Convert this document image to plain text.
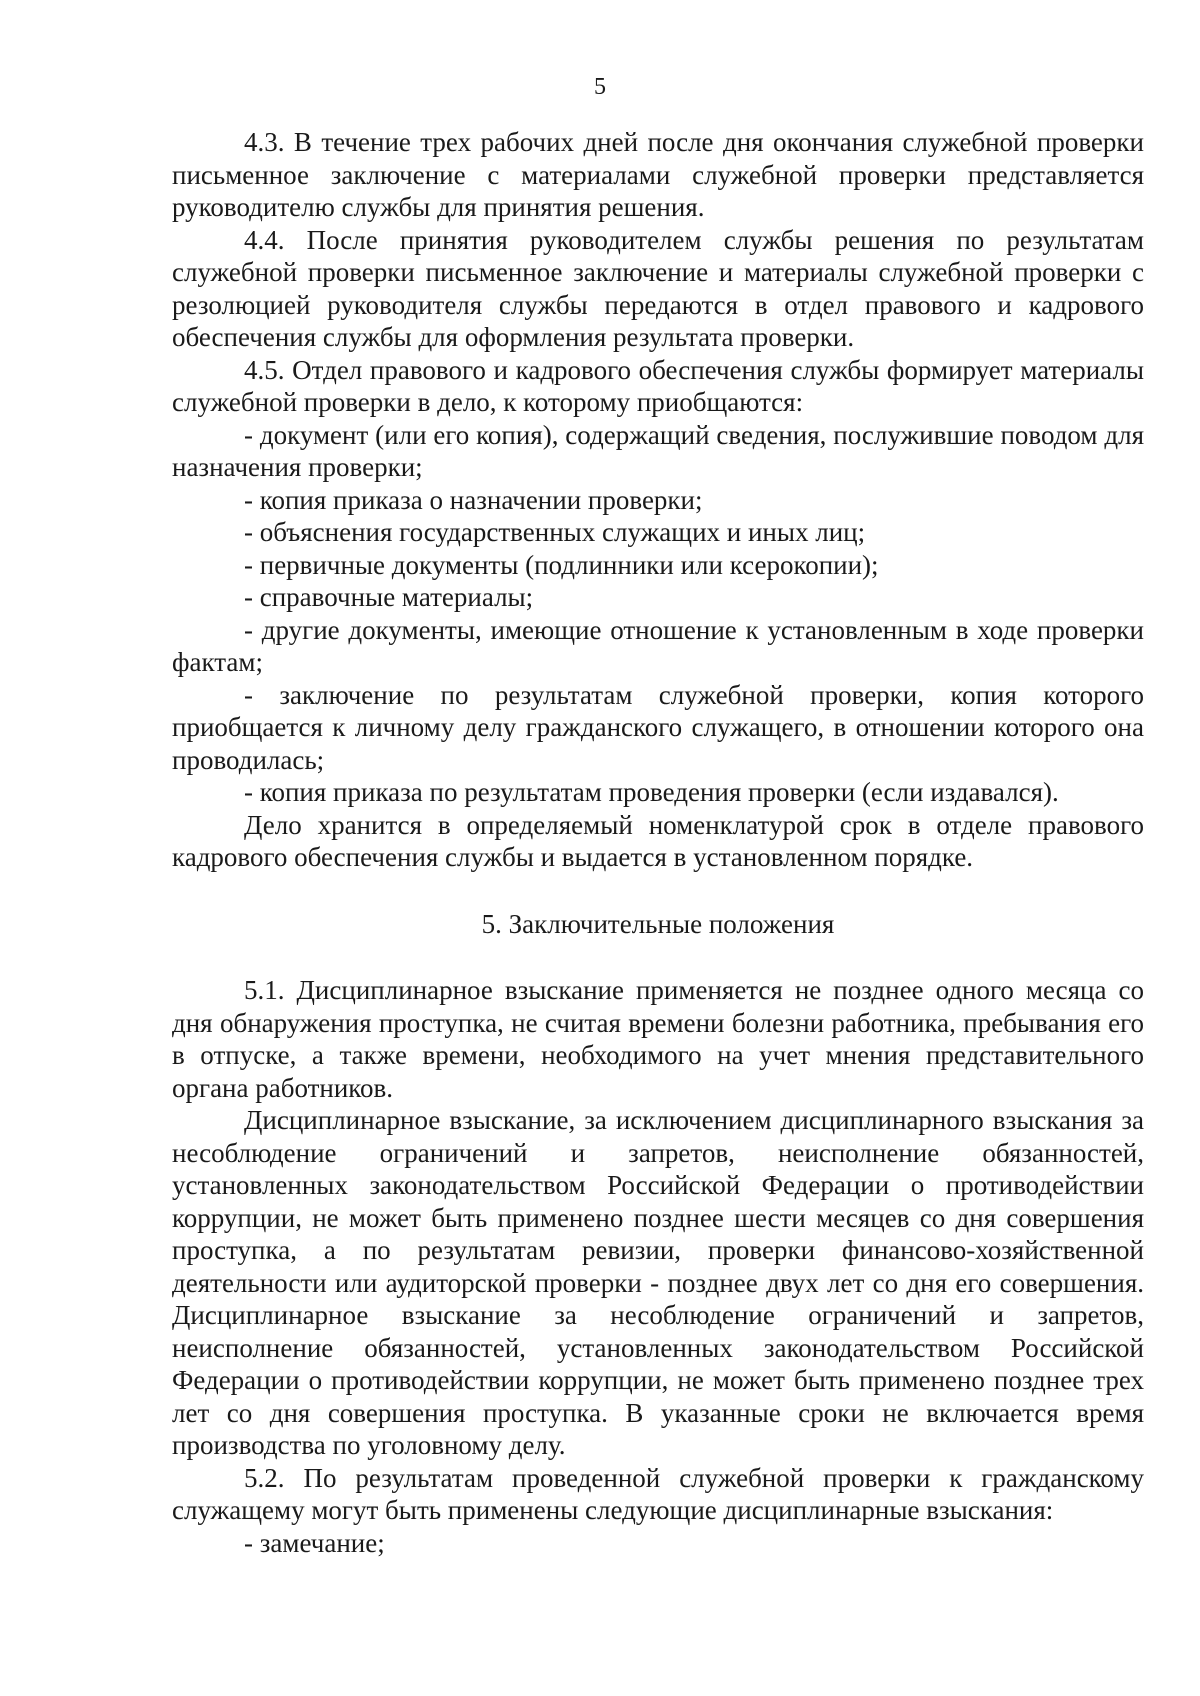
5

4.3. В течение трех рабочих дней после дня окончания служебной проверки письменное заключение с материалами служебной проверки представляется руководителю службы для принятия решения.

4.4. После принятия руководителем службы решения по результатам служебной проверки письменное заключение и материалы служебной проверки с резолюцией руководителя службы передаются в отдел правового и кадрового обеспечения службы для оформления результата проверки.

4.5. Отдел правового и кадрового обеспечения службы формирует материалы служебной проверки в дело, к которому приобщаются:

- документ (или его копия), содержащий сведения, послужившие поводом для назначения проверки;

- копия приказа о назначении проверки;

- объяснения государственных служащих и иных лиц;

- первичные документы (подлинники или ксерокопии);

- справочные материалы;

- другие документы, имеющие отношение к установленным в ходе проверки фактам;

- заключение по результатам служебной проверки, копия которого приобщается к личному делу гражданского служащего, в отношении которого она проводилась;

- копия приказа по результатам проведения проверки (если издавался).

Дело хранится в определяемый номенклатурой срок в отделе правового кадрового обеспечения службы и выдается в установленном порядке.

5. Заключительные положения

5.1. Дисциплинарное взыскание применяется не позднее одного месяца со дня обнаружения проступка, не считая времени болезни работника, пребывания его в отпуске, а также времени, необходимого на учет мнения представительного органа работников.

Дисциплинарное взыскание, за исключением дисциплинарного взыскания за несоблюдение ограничений и запретов, неисполнение обязанностей, установленных законодательством Российской Федерации о противодействии коррупции, не может быть применено позднее шести месяцев со дня совершения проступка, а по результатам ревизии, проверки финансово-хозяйственной деятельности или аудиторской проверки - позднее двух лет со дня его совершения. Дисциплинарное взыскание за несоблюдение ограничений и запретов, неисполнение обязанностей, установленных законодательством Российской Федерации о противодействии коррупции, не может быть применено позднее трех лет со дня совершения проступка. В указанные сроки не включается время производства по уголовному делу.

5.2. По результатам проведенной служебной проверки к гражданскому служащему могут быть применены следующие дисциплинарные взыскания:

- замечание;
